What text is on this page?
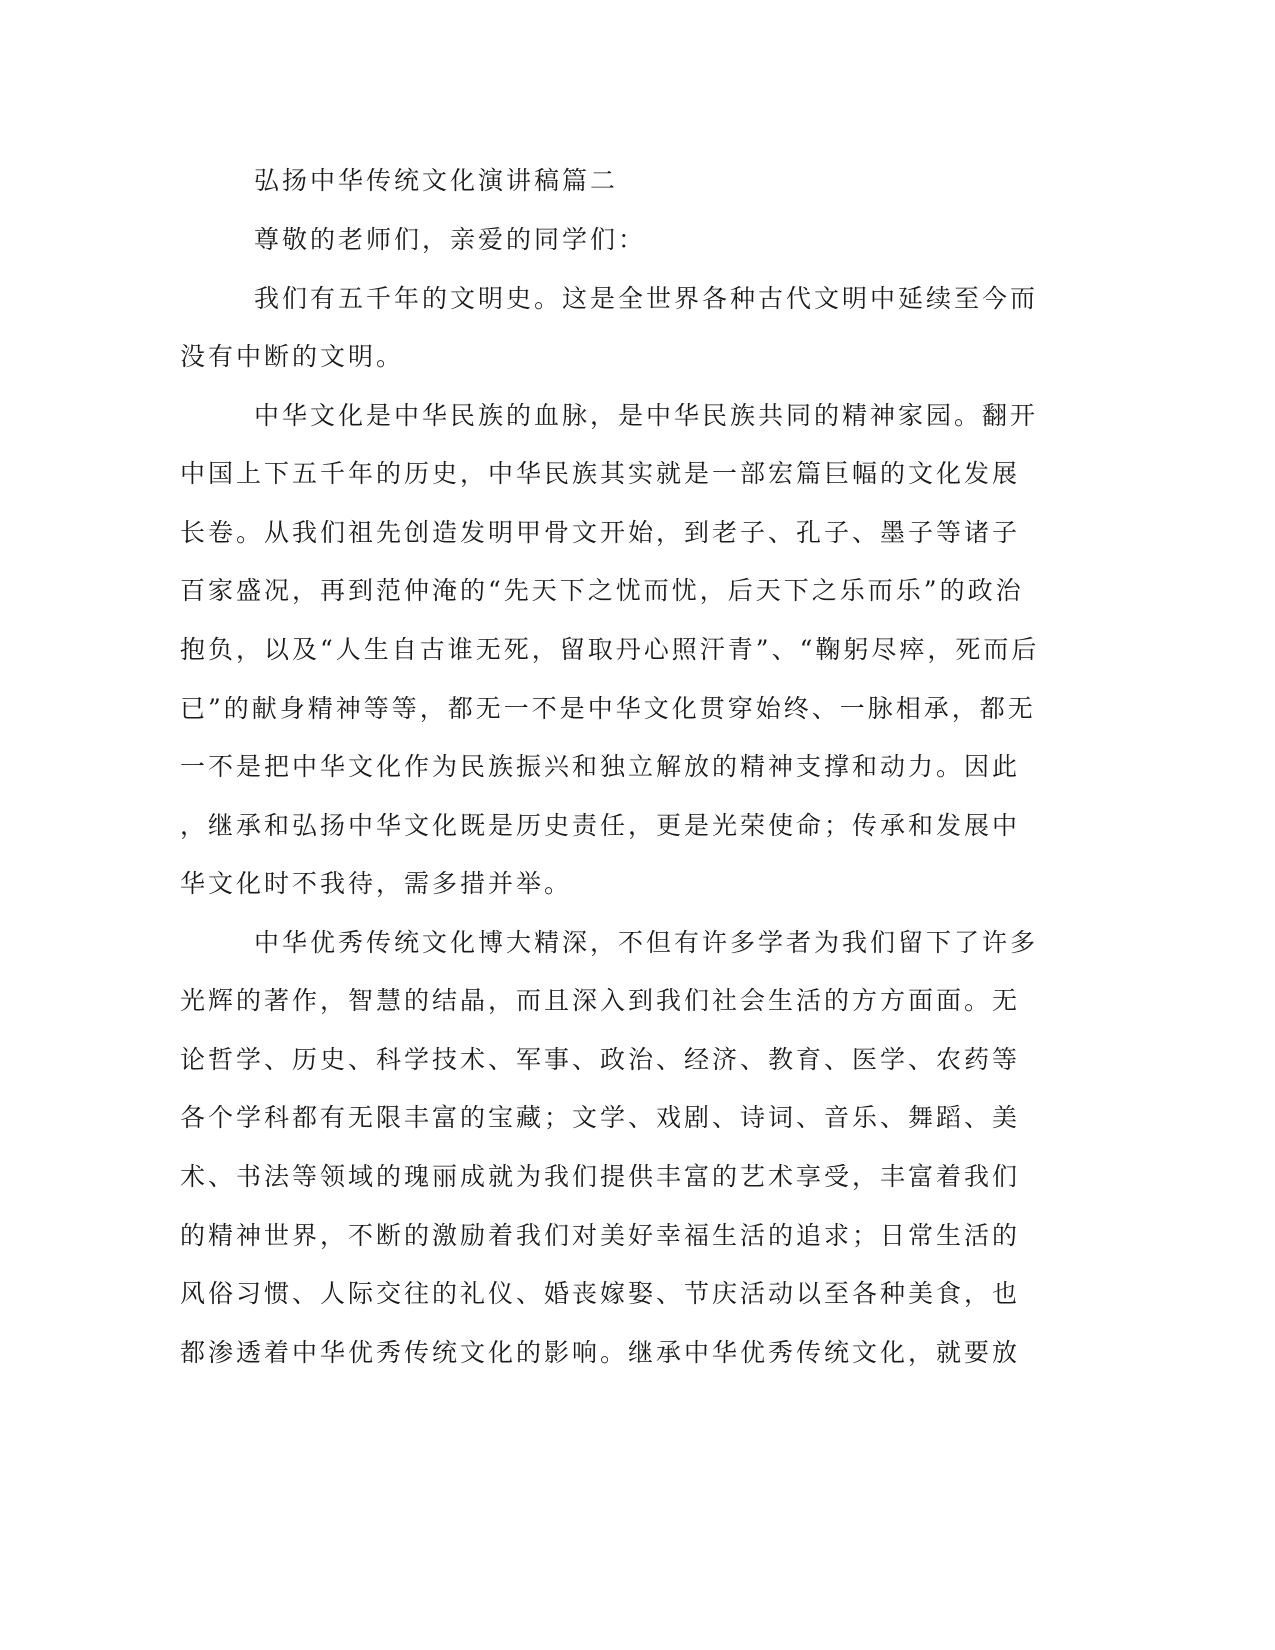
弘扬中华传统文化演讲稿篇二

尊敬的老师们，亲爱的同学们：

我们有五千年的文明史。这是全世界各种古代文明中延续至今而

没有中断的文明。

中华文化是中华民族的血脉，是中华民族共同的精神家园。翻开

中国上下五千年的历史，中华民族其实就是一部宏篇巨幅的文化发展

长卷。从我们祖先创造发明甲骨文开始，到老子、孔子、墨子等诸子

百家盛况，再到范仲淹的“先天下之忧而忧，后天下之乐而乐”的政治

抱负，以及“人生自古谁无死，留取丹心照汗青”、“鞠躬尽瘁，死而后

已”的献身精神等等，都无一不是中华文化贯穿始终、一脉相承，都无

一不是把中华文化作为民族振兴和独立解放的精神支撑和动力。因此

，继承和弘扬中华文化既是历史责任，更是光荣使命；传承和发展中

华文化时不我待，需多措并举。

中华优秀传统文化博大精深，不但有许多学者为我们留下了许多

光辉的著作，智慧的结晶，而且深入到我们社会生活的方方面面。无

论哲学、历史、科学技术、军事、政治、经济、教育、医学、农药等

各个学科都有无限丰富的宝藏；文学、戏剧、诗词、音乐、舞蹈、美

术、书法等领域的瑰丽成就为我们提供丰富的艺术享受，丰富着我们

的精神世界，不断的激励着我们对美好幸福生活的追求；日常生活的

风俗习惯、人际交往的礼仪、婚丧嫁娶、节庆活动以至各种美食，也

都渗透着中华优秀传统文化的影响。继承中华优秀传统文化，就要放
